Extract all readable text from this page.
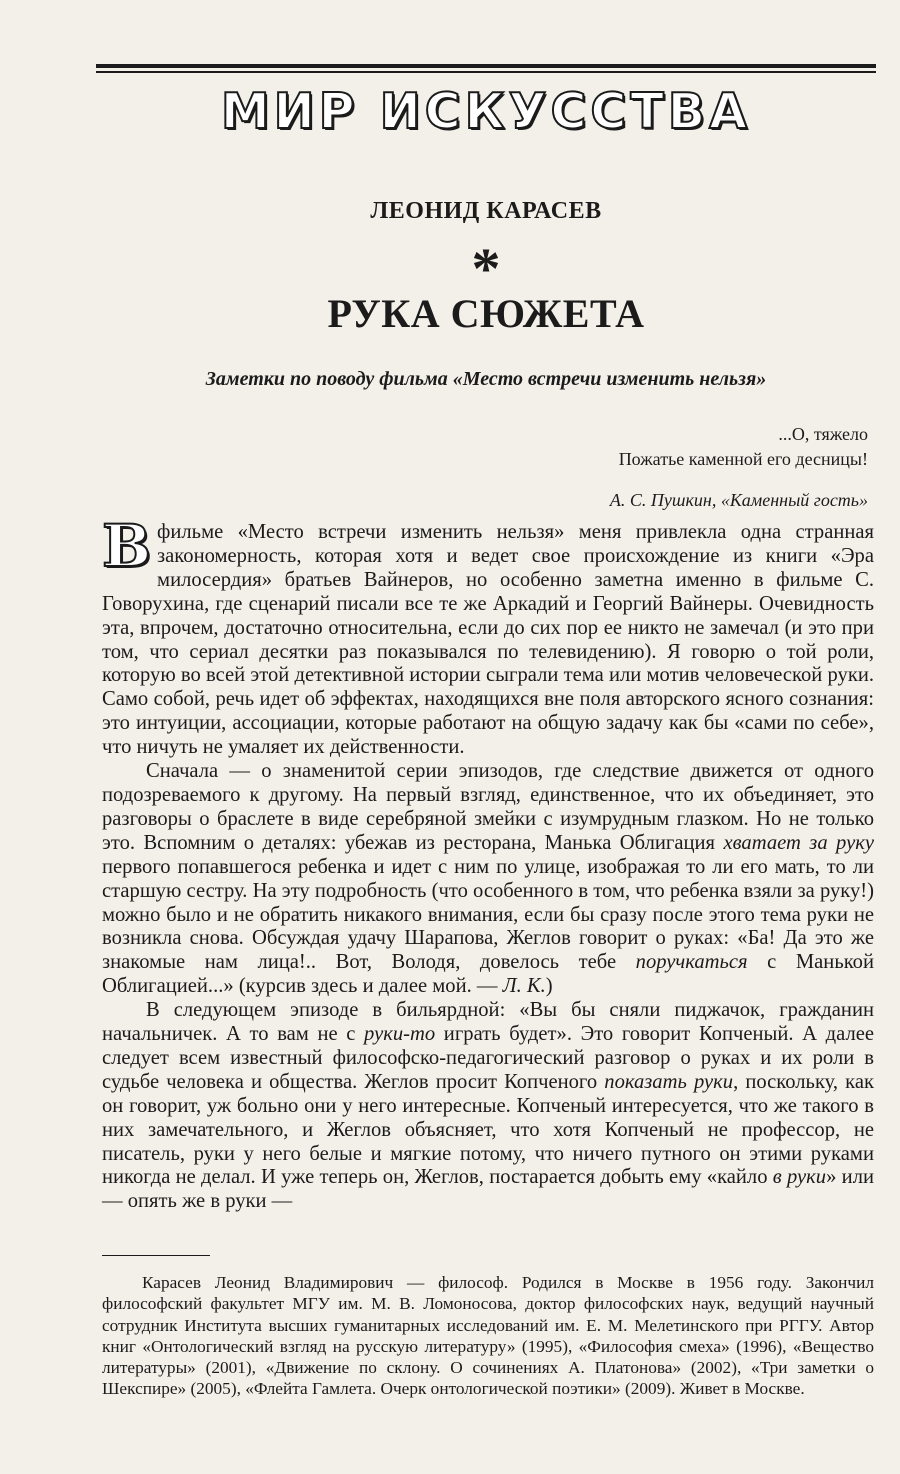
МИР ИСКУССТВА
ЛЕОНИД КАРАСЕВ
*
РУКА СЮЖЕТА
Заметки по поводу фильма «Место встречи изменить нельзя»
...О, тяжело
Пожатье каменной его десницы!
А. С. Пушкин, «Каменный гость»

В фильме «Место встречи изменить нельзя» меня привлекла одна странная закономерность, которая хотя и ведет свое происхождение из книги «Эра милосердия» братьев Вайнеров, но особенно заметна именно в фильме С. Говорухина, где сценарий писали все те же Аркадий и Георгий Вайнеры. Очевидность эта, впрочем, достаточно относительна, если до сих пор ее никто не замечал (и это при том, что сериал десятки раз показывался по телевидению). Я говорю о той роли, которую во всей этой детективной истории сыграли тема или мотив человеческой руки. Само собой, речь идет об эффектах, находящихся вне поля авторского ясного сознания: это интуиции, ассоциации, которые работают на общую задачу как бы «сами по себе», что ничуть не умаляет их действенности.

Сначала — о знаменитой серии эпизодов, где следствие движется от одного подозреваемого к другому. На первый взгляд, единственное, что их объединяет, это разговоры о браслете в виде серебряной змейки с изумрудным глазком. Но не только это. Вспомним о деталях: убежав из ресторана, Манька Облигация хватает за руку первого попавшегося ребенка и идет с ним по улице, изображая то ли его мать, то ли старшую сестру. На эту подробность (что особенного в том, что ребенка взяли за руку!) можно было и не обратить никакого внимания, если бы сразу после этого тема руки не возникла снова. Обсуждая удачу Шарапова, Жеглов говорит о руках: «Ба! Да это же знакомые нам лица!.. Вот, Володя, довелось тебе поручкаться с Манькой Облигацией...» (курсив здесь и далее мой. — Л. К.)

В следующем эпизоде в бильярдной: «Вы бы сняли пиджачок, гражданин начальничек. А то вам не с руки-то играть будет». Это говорит Копченый. А далее следует всем известный философско-педагогический разговор о руках и их роли в судьбе человека и общества. Жеглов просит Копченого показать руки, поскольку, как он говорит, уж больно они у него интересные. Копченый интересуется, что же такого в них замечательного, и Жеглов объясняет, что хотя Копченый не профессор, не писатель, руки у него белые и мягкие потому, что ничего путного он этими руками никогда не делал. И уже теперь он, Жеглов, постарается добыть ему «кайло в руки» или — опять же в руки —

Карасев Леонид Владимирович — философ. Родился в Москве в 1956 году. Закончил философский факультет МГУ им. М. В. Ломоносова, доктор философских наук, ведущий научный сотрудник Института высших гуманитарных исследований им. Е. М. Мелетинского при РГГУ. Автор книг «Онтологический взгляд на русскую литературу» (1995), «Философия смеха» (1996), «Вещество литературы» (2001), «Движение по склону. О сочинениях А. Платонова» (2002), «Три заметки о Шекспире» (2005), «Флейта Гамлета. Очерк онтологической поэтики» (2009). Живет в Москве.
